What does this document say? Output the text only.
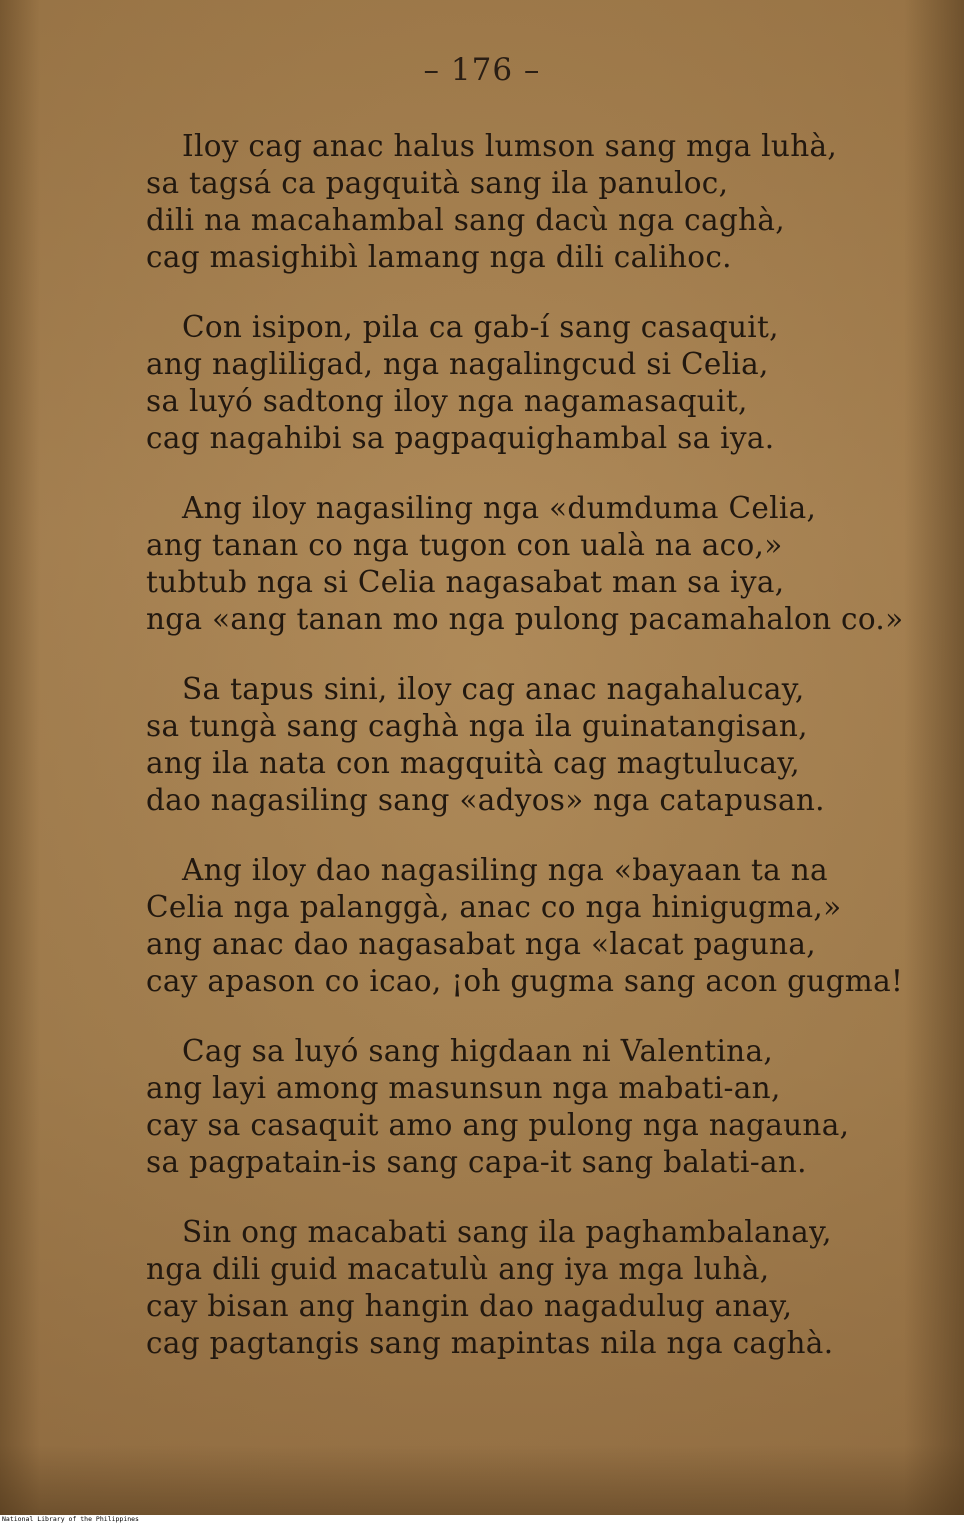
– 176 –
Iloy cag anac halus lumson sang mga luhà,
sa tagsá ca pagquità sang ila panuloc,
dili na macahambal sang dacù nga caghà,
cag masighibì lamang nga dili calihoc.
Con isipon, pila ca gab-í sang casaquit,
ang nagliligad, nga nagalingcud si Celia,
sa luyó sadtong iloy nga nagamasaquit,
cag nagahibi sa pagpaquighambal sa iya.
Ang iloy nagasiling nga «dumduma Celia,
ang tanan co nga tugon con ualà na aco,»
tubtub nga si Celia nagasabat man sa iya,
nga «ang tanan mo nga pulong pacamahalon co.»
Sa tapus sini, iloy cag anac nagahalucay,
sa tungà sang caghà nga ila guinatangisan,
ang ila nata con magquità cag magtulucay,
dao nagasiling sang «adyos» nga catapusan.
Ang iloy dao nagasiling nga «bayaan ta na
Celia nga palanggà, anac co nga hinigugma,»
ang anac dao nagasabat nga «lacat paguna,
cay apason co icao, ¡oh gugma sang acon gugma!
Cag sa luyó sang higdaan ni Valentina,
ang layi among masunsun nga mabati-an,
cay sa casaquit amo ang pulong nga nagauna,
sa pagpatain-is sang capa-it sang balati-an.
Sin ong macabati sang ila paghambalanay,
nga dili guid macatulù ang iya mga luhà,
cay bisan ang hangin dao nagadulug anay,
cag pagtangis sang mapintas nila nga caghà.
National Library of the Philippines
